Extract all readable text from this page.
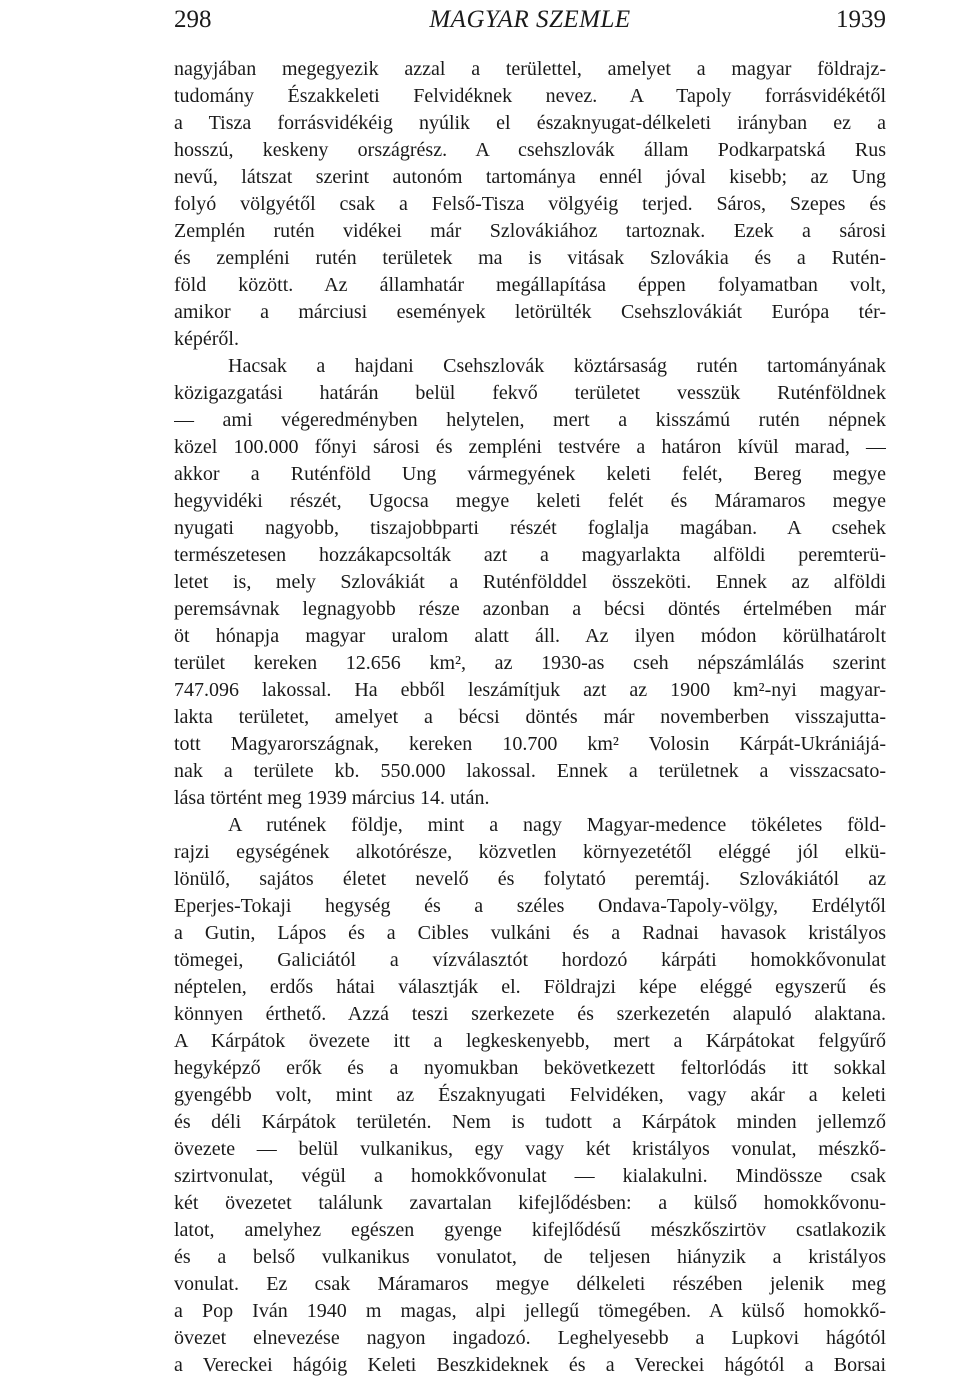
298	MAGYAR SZEMLE	1939
nagyjában megegyezik azzal a területtel, amelyet a magyar földrajz-
tudomány Északkeleti Felvidéknek nevez. A Tapoly forrásvidékétől
a Tisza forrásvidékéig nyúlik el északnyugat-délkeleti irányban ez a
hosszú, keskeny országrész. A csehszlovák állam Podkarpatská Rus
nevű, látszat szerint autonóm tartománya ennél jóval kisebb; az Ung
folyó völgyétől csak a Felső-Tisza völgyéig terjed. Sáros, Szepes és
Zemplén rutén vidékei már Szlovákiához tartoznak. Ezek a sárosi
és zempléni rutén területek ma is vitásak Szlovákia és a Rutén-
föld között. Az államhatár megállapítása éppen folyamatban volt,
amikor a márciusi események letörülték Csehszlovákiát Európa tér-
képéről.
Hacsak a hajdani Csehszlovák köztársaság rutén tartományának
közigazgatási határán belül fekvő területet vesszük Ruténföldnek
— ami végeredményben helytelen, mert a kisszámú rutén népnek
közel 100.000 főnyi sárosi és zempléni testvére a határon kívül marad, —
akkor a Ruténföld Ung vármegyének keleti felét, Bereg megye
hegyvidéki részét, Ugocsa megye keleti felét és Máramaros megye
nyugati nagyobb, tiszajobbparti részét foglalja magában. A csehek
természetesen hozzákapcsolták azt a magyarlakta alföldi peremterü-
letet is, mely Szlovákiát a Ruténfölddel összeköti. Ennek az alföldi
peremsávnak legnagyobb része azonban a bécsi döntés értelmében már
öt hónapja magyar uralom alatt áll. Az ilyen módon körülhatárolt
terület kereken 12.656 km², az 1930-as cseh népszámlálás szerint
747.096 lakossal. Ha ebből leszámítjuk azt az 1900 km²-nyi magyar-
lakta területet, amelyet a bécsi döntés már novemberben visszajutta-
tott Magyarországnak, kereken 10.700 km² Volosin Kárpát-Ukrániájá-
nak a területe kb. 550.000 lakossal. Ennek a területnek a visszacsato-
lása történt meg 1939 március 14. után.
A rutének földje, mint a nagy Magyar-medence tökéletes föld-
rajzi egységének alkotórésze, közvetlen környezetétől eléggé jól elkü-
lönülő, sajátos életet nevelő és folytató peremtáj. Szlovákiától az
Eperjes-Tokaji hegység és a széles Ondava-Tapoly-völgy, Erdélytől
a Gutin, Lápos és a Cibles vulkáni és a Radnai havasok kristályos
tömegei, Galiciától a vízválasztót hordozó kárpáti homokkővonulat
néptelen, erdős hátai választják el. Földrajzi képe eléggé egyszerű és
könnyen érthető. Azzá teszi szerkezete és szerkezetén alapuló alaktana.
A Kárpátok övezete itt a legkeskenyebb, mert a Kárpátokat felgyűrő
hegyképző erők és a nyomukban bekövetkezett feltorlódás itt sokkal
gyengébb volt, mint az Északnyugati Felvidéken, vagy akár a keleti
és déli Kárpátok területén. Nem is tudott a Kárpátok minden jellemző
övezete — belül vulkanikus, egy vagy két kristályos vonulat, mészkő-
szirtvonulat, végül a homokkővonulat — kialakulni. Mindössze csak
két övezetet találunk zavartalan kifejlődésben: a külső homokkővonu-
latot, amelyhez egészen gyenge kifejlődésű mészkőszirtöv csatlakozik
és a belső vulkanikus vonulatot, de teljesen hiányzik a kristályos
vonulat. Ez csak Máramaros megye délkeleti részében jelenik meg
a Pop Iván 1940 m magas, alpi jellegű tömegében. A külső homokkő-
övezet elnevezése nagyon ingadozó. Leghelyesebb a Lupkovi hágótól
a Vereckei hágóig Keleti Beszkideknek és a Vereckei hágótól a Borsai
